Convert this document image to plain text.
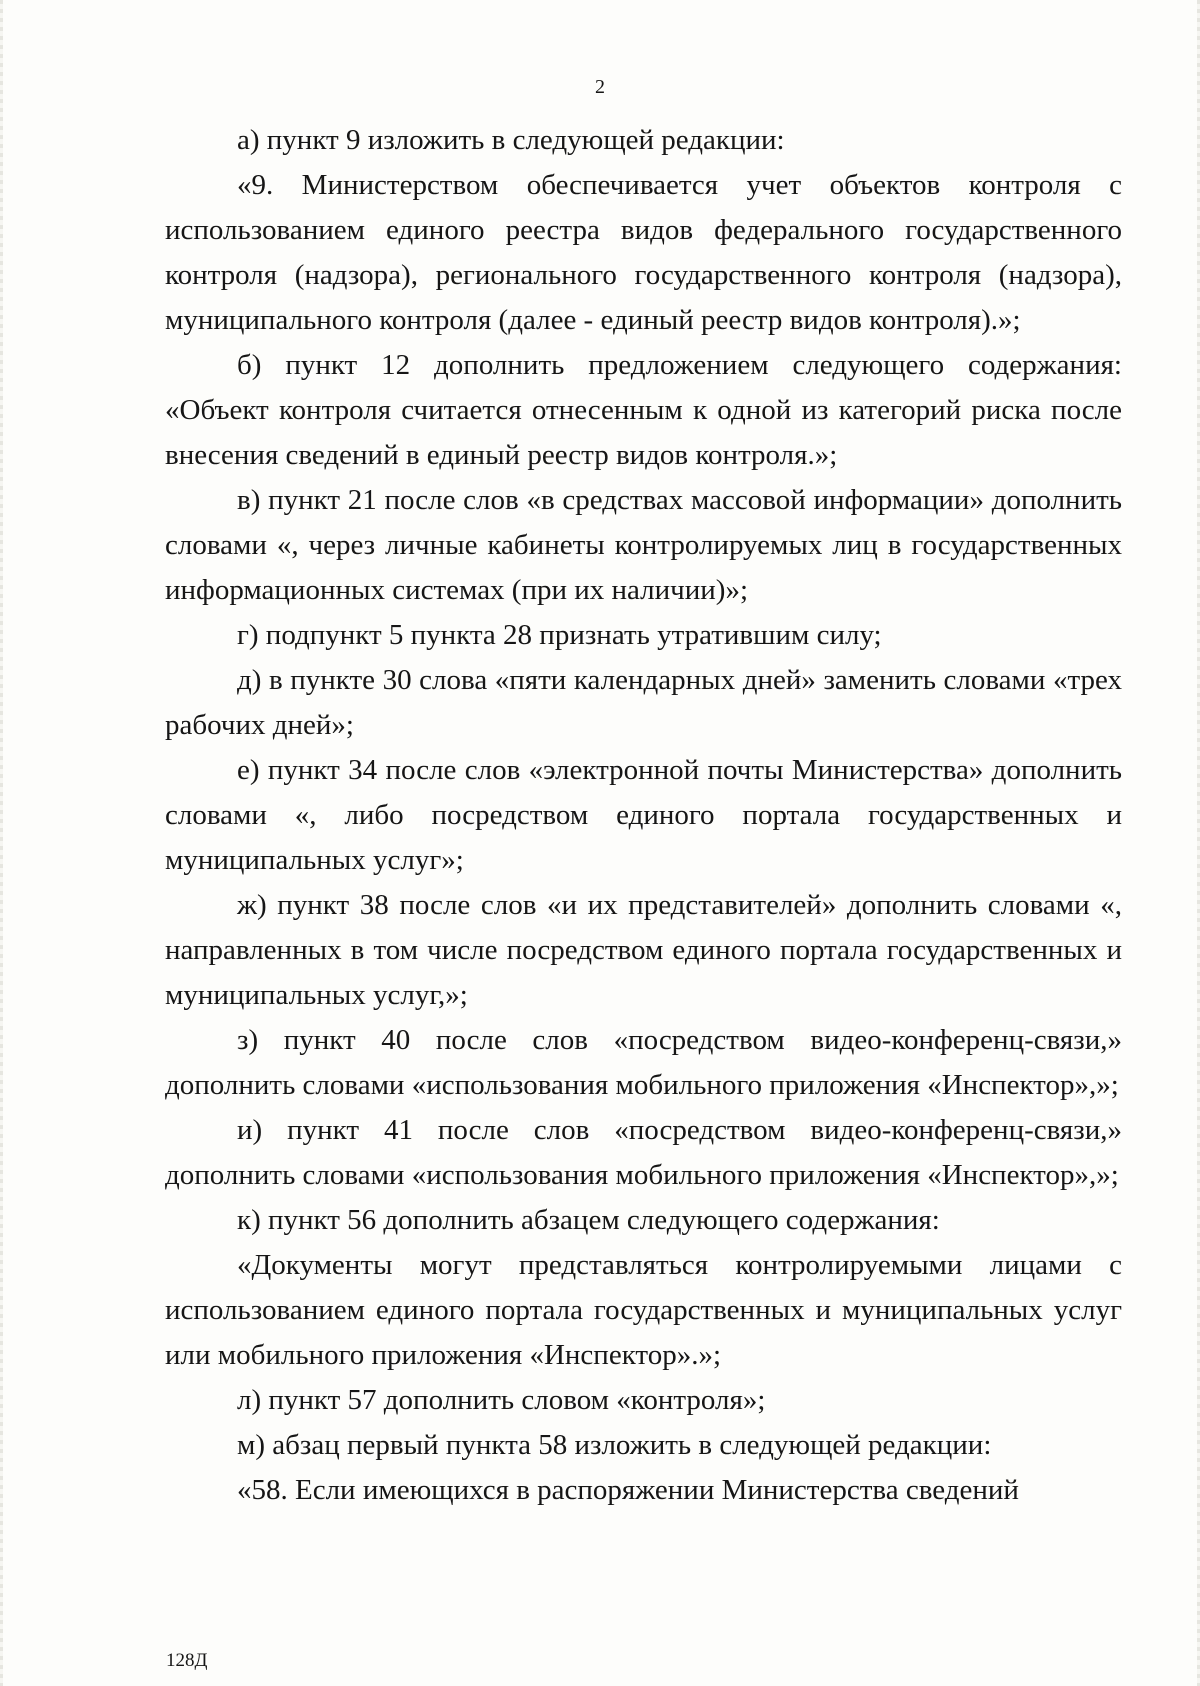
2

а) пункт 9 изложить в следующей редакции:

«9. Министерством обеспечивается учет объектов контроля с использованием единого реестра видов федерального государственного контроля (надзора), регионального государственного контроля (надзора), муниципального контроля (далее - единый реестр видов контроля).»;

б) пункт 12 дополнить предложением следующего содержания: «Объект контроля считается отнесенным к одной из категорий риска после внесения сведений в единый реестр видов контроля.»;

в) пункт 21 после слов «в средствах массовой информации» дополнить словами «, через личные кабинеты контролируемых лиц в государственных информационных системах (при их наличии)»;

г) подпункт 5 пункта 28 признать утратившим силу;

д) в пункте 30 слова «пяти календарных дней» заменить словами «трех рабочих дней»;

е) пункт 34 после слов «электронной почты Министерства» дополнить словами «, либо посредством единого портала государственных и муниципальных услуг»;

ж) пункт 38 после слов «и их представителей» дополнить словами «, направленных в том числе посредством единого портала государственных и муниципальных услуг,»;

з) пункт 40 после слов «посредством видео-конференц-связи,» дополнить словами «использования мобильного приложения «Инспектор»,»;

и) пункт 41 после слов «посредством видео-конференц-связи,» дополнить словами «использования мобильного приложения «Инспектор»,»;

к) пункт 56 дополнить абзацем следующего содержания:

«Документы могут представляться контролируемыми лицами с использованием единого портала государственных и муниципальных услуг или мобильного приложения «Инспектор».»;

л) пункт 57 дополнить словом «контроля»;

м) абзац первый пункта 58 изложить в следующей редакции:

«58. Если имеющихся в распоряжении Министерства сведений

128Д
